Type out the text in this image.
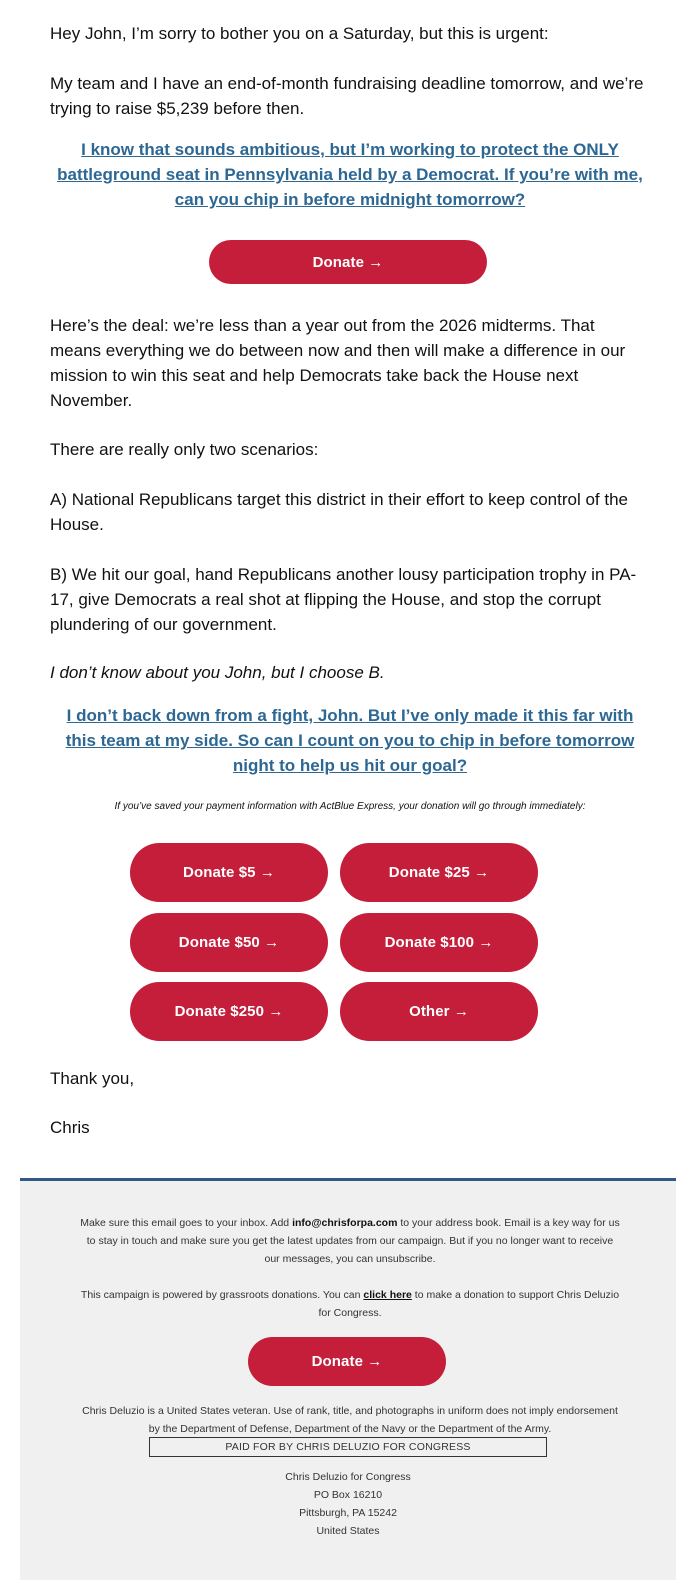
Hey John, I’m sorry to bother you on a Saturday, but this is urgent:

My team and I have an end-of-month fundraising deadline tomorrow, and we’re trying to raise $5,239 before then.

I know that sounds ambitious, but I’m working to protect the ONLY battleground seat in Pennsylvania held by a Democrat. If you’re with me, can you chip in before midnight tomorrow?
Donate →

Here’s the deal: we’re less than a year out from the 2026 midterms. That means everything we do between now and then will make a difference in our mission to win this seat and help Democrats take back the House next November.

There are really only two scenarios:

A) National Republicans target this district in their effort to keep control of the House.

B) We hit our goal, hand Republicans another lousy participation trophy in PA-17, give Democrats a real shot at flipping the House, and stop the corrupt plundering of our government.

I don’t know about you John, but I choose B.

I don’t back down from a fight, John. But I’ve only made it this far with this team at my side. So can I count on you to chip in before tomorrow night to help us hit our goal?

If you’ve saved your payment information with ActBlue Express, your donation will go through immediately:

Donate $5 →	Donate $25 →
Donate $50 →	Donate $100 →
Donate $250 →	Other →

Thank you,

Chris

Make sure this email goes to your inbox. Add info@chrisforpa.com to your address book. Email is a key way for us to stay in touch and make sure you get the latest updates from our campaign. But if you no longer want to receive our messages, you can unsubscribe.

This campaign is powered by grassroots donations. You can click here to make a donation to support Chris Deluzio for Congress.

Donate →

Chris Deluzio is a United States veteran. Use of rank, title, and photographs in uniform does not imply endorsement by the Department of Defense, Department of the Navy or the Department of the Army.

PAID FOR BY CHRIS DELUZIO FOR CONGRESS

Chris Deluzio for Congress

PO Box 16210

Pittsburgh, PA 15242

United States
